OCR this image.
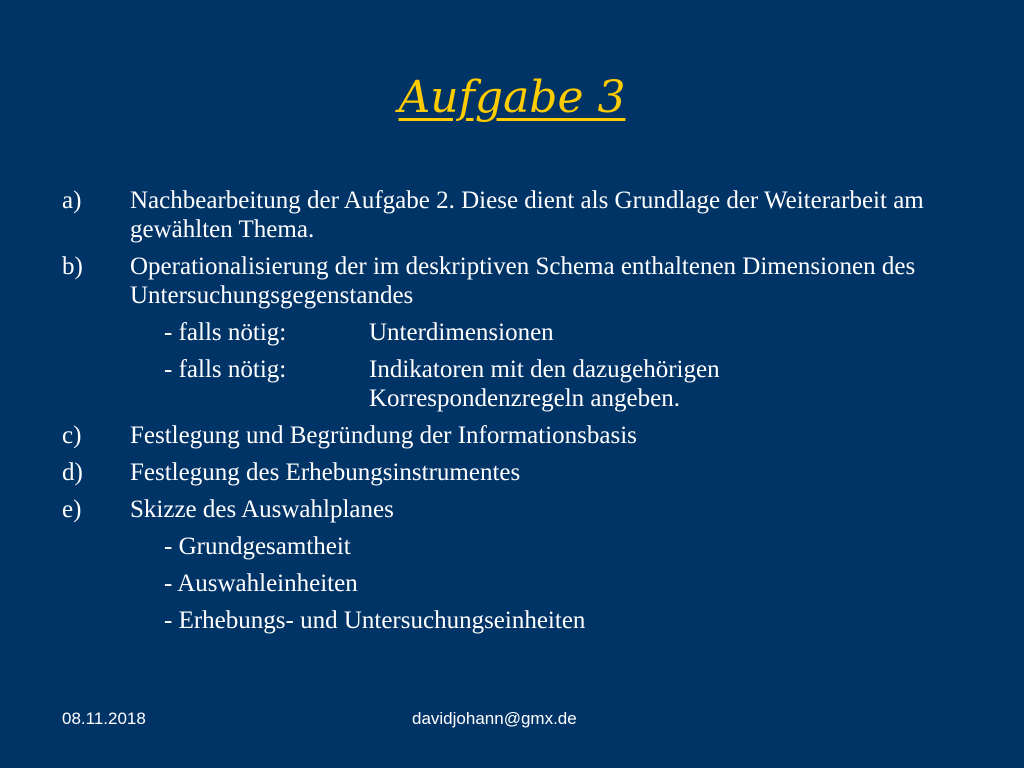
Aufgabe 3
a) Nachbearbeitung der Aufgabe 2. Diese dient als Grundlage der Weiterarbeit am gewählten Thema.
b) Operationalisierung der im deskriptiven Schema enthaltenen Dimensionen des Untersuchungsgegenstandes
- falls nötig:	Unterdimensionen
- falls nötig:	Indikatoren mit den dazugehörigen Korrespondenzregeln angeben.
c) Festlegung und Begründung der Informationsbasis
d) Festlegung des Erhebungsinstrumentes
e) Skizze des Auswahlplanes
- Grundgesamtheit
- Auswahleinheiten
- Erhebungs- und Untersuchungseinheiten
08.11.2018	davidjohann@gmx.de
